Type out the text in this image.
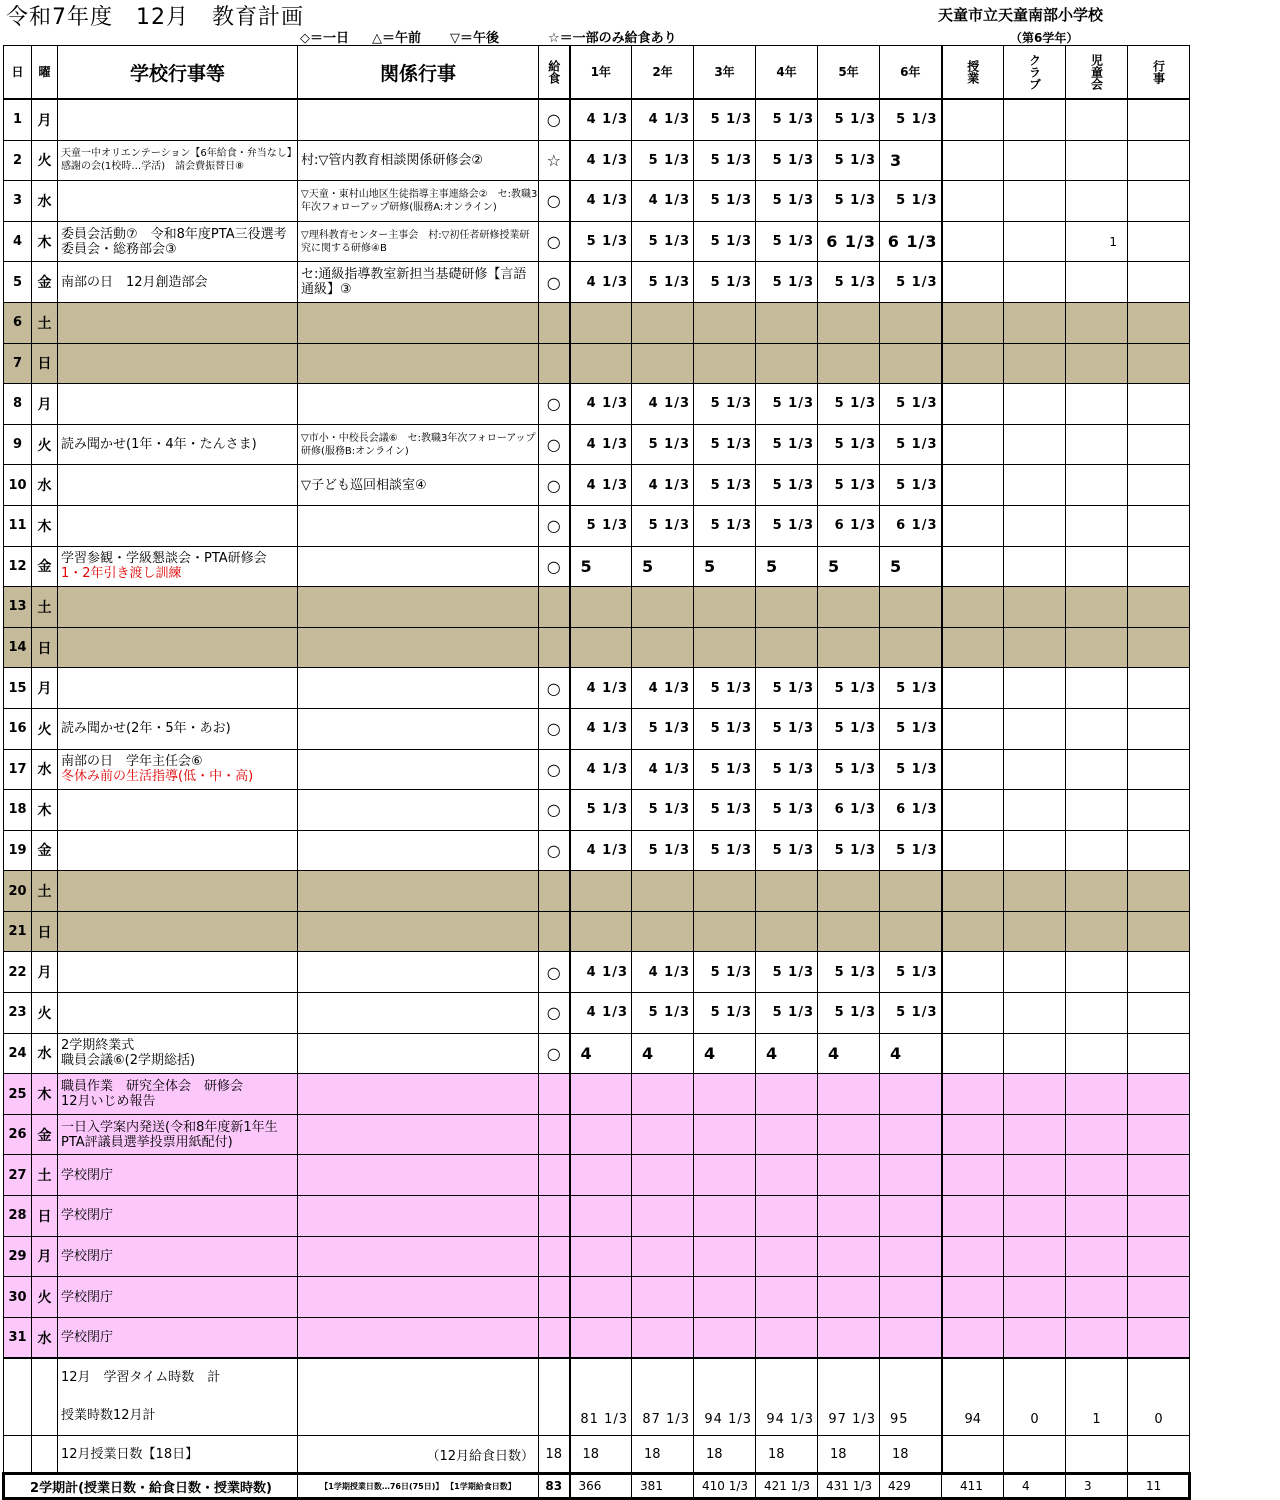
令和7年度　12月　教育計画	天童市立天童南部小学校
（第6学年）
◇＝一日 △＝午前 ▽＝午後	☆＝一部のみ給食あり
日	曜	学校行事等	関係行事	給食	1年	2年	3年	4年	5年	6年	授業	クラブ	児童会	行事
1	月			○	4 1/3	4 1/3	5 1/3	5 1/3	5 1/3	5 1/3				
2	火	天童一中オリエンテーション【6年給食・弁当なし】感謝の会(1校時…学活)　請会費振替日⑧	村:▽管内教育相談関係研修会②	☆	4 1/3	5 1/3	5 1/3	5 1/3	5 1/3	3				
3	水		▽天童・東村山地区生徒指導主事連絡会②　セ:教職3年次フォローアップ研修(服務A:オンライン)	○	4 1/3	4 1/3	5 1/3	5 1/3	5 1/3	5 1/3				
4	木	委員会活動⑦　令和8年度PTA三役選考委員会・総務部会③	▽理科教育センター主事会　村:▽初任者研修授業研究に関する研修④B	○	5 1/3	5 1/3	5 1/3	5 1/3	6 1/3	6 1/3			1	
5	金	南部の日　12月創造部会	セ:通級指導教室新担当基礎研修【言語通級】③	○	4 1/3	5 1/3	5 1/3	5 1/3	5 1/3	5 1/3				
6	土													
7	日													
8	月			○	4 1/3	4 1/3	5 1/3	5 1/3	5 1/3	5 1/3				
9	火	読み聞かせ(1年・4年・たんさま)	▽市小・中校長会議⑥　セ:教職3年次フォローアップ研修(服務B:オンライン)	○	4 1/3	5 1/3	5 1/3	5 1/3	5 1/3	5 1/3				
10	水		▽子ども巡回相談室④	○	4 1/3	4 1/3	5 1/3	5 1/3	5 1/3	5 1/3				
11	木			○	5 1/3	5 1/3	5 1/3	5 1/3	6 1/3	6 1/3				
12	金	学習参観・学級懇談会・PTA研修会
1・2年引き渡し訓練		○	5	5	5	5	5	5				
13	土													
14	日													
15	月			○	4 1/3	4 1/3	5 1/3	5 1/3	5 1/3	5 1/3				
16	火	読み聞かせ(2年・5年・あお)		○	4 1/3	5 1/3	5 1/3	5 1/3	5 1/3	5 1/3				
17	水	南部の日　学年主任会⑥
冬休み前の生活指導(低・中・高)		○	4 1/3	4 1/3	5 1/3	5 1/3	5 1/3	5 1/3				
18	木			○	5 1/3	5 1/3	5 1/3	5 1/3	6 1/3	6 1/3				
19	金			○	4 1/3	5 1/3	5 1/3	5 1/3	5 1/3	5 1/3				
20	土													
21	日													
22	月			○	4 1/3	4 1/3	5 1/3	5 1/3	5 1/3	5 1/3				
23	火			○	4 1/3	5 1/3	5 1/3	5 1/3	5 1/3	5 1/3				
24	水	2学期終業式
職員会議⑥(2学期総括)		○	4	4	4	4	4	4				
25	木	職員作業　研究全体会　研修会
12月いじめ報告												

26	金	一日入学案内発送(令和8年度新1年生PTA評議員選挙投票用紙配付)												

27	土	学校閉庁												

28	日	学校閉庁												

29	月	学校閉庁												

30	火	学校閉庁												

31	水	学校閉庁												

		12月　学習タイム時数　計
授業時数12月計			81 1/3	87 1/3	94 1/3	94 1/3	97 1/3	95	94	0	1	0
		12月授業日数【18日】	（12月給食日数）	18	18	18	18	18	18	18				
2学期計(授業日数・給食日数・授業時数)			【1学期授業日数…76日(75日)】 【1学期給食日数】	83	366	381	410 1/3	421 1/3	431 1/3	429	411	4	3	11
